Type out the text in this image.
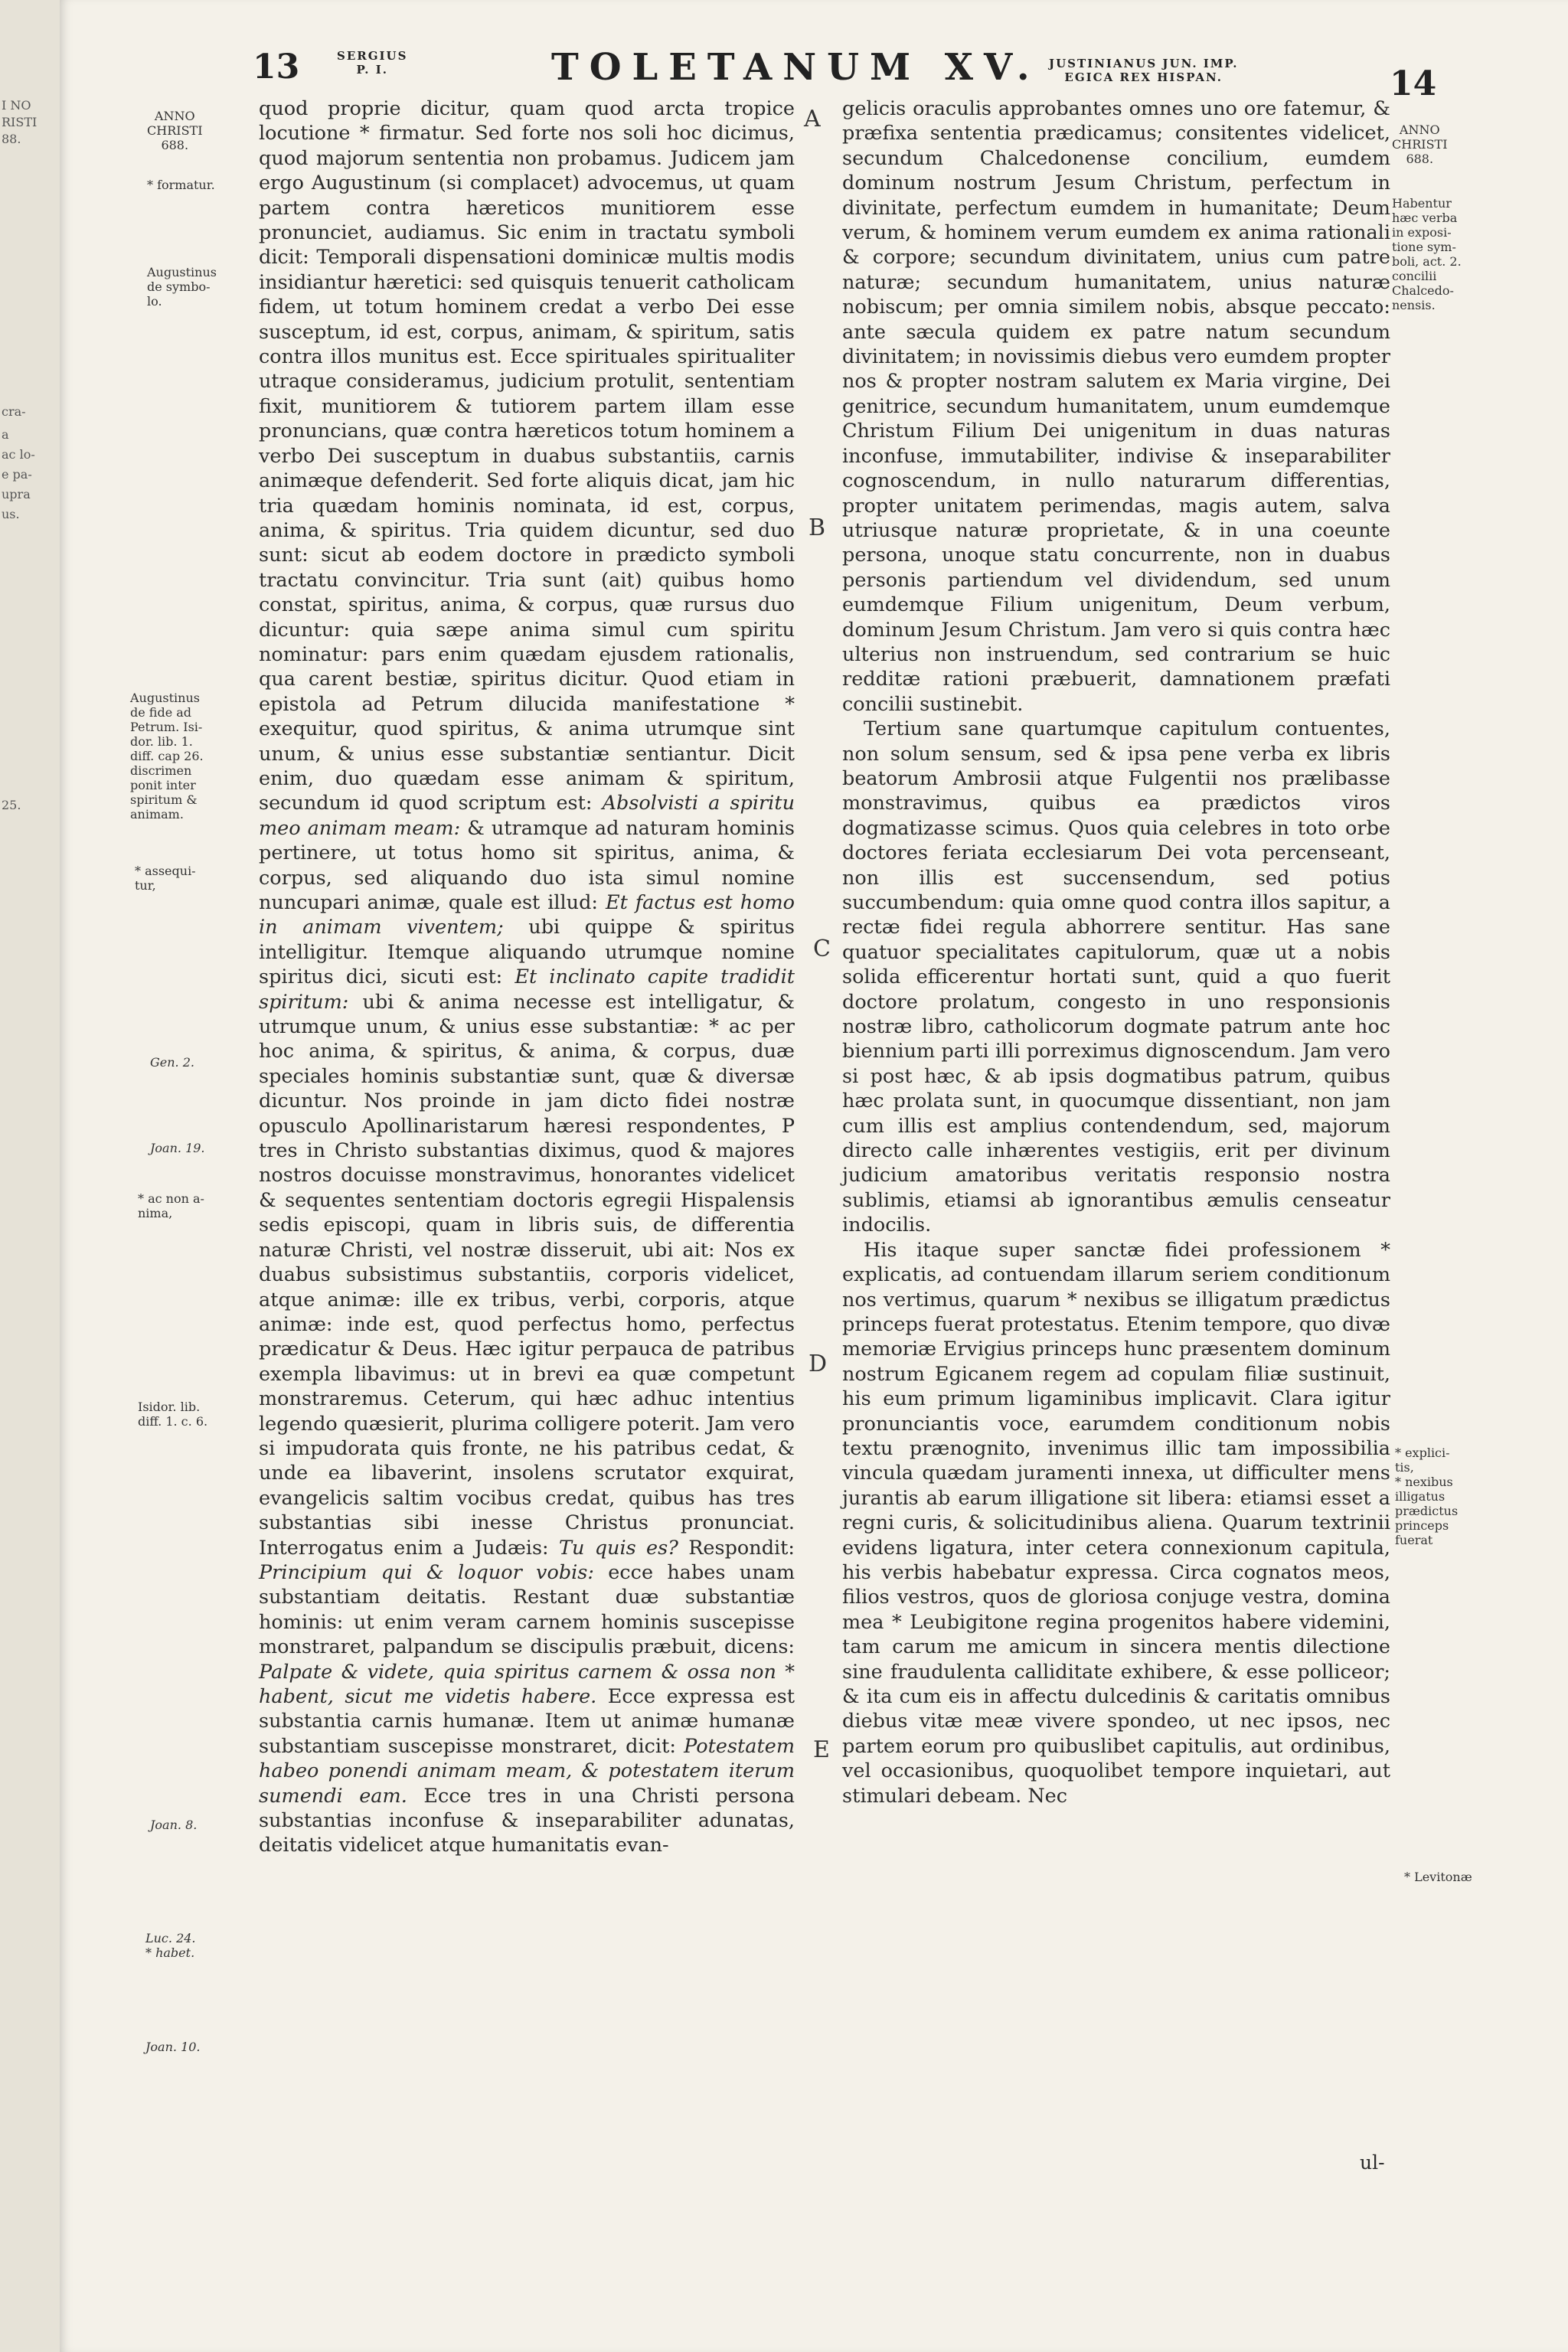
I NO
RISTI
88.
cra-
a
ac lo-
e pa-
upra
us.
25.
13	SERGIUS
P. I.	TOLETANUM XV. JUSTINIANUS JUN. IMP.
EGICA REX HISPAN.	14
ANNO
CHRISTI
688.
* formatur.
Augustinus
de symbo-
lo.
Augustinus
de fide ad
Petrum. Isi-
dor. lib. 1.
diff. cap 26.
discrimen
ponit inter
spiritum &
animam.
* assequi-
tur,
Gen. 2.
Joan. 19.
* ac non a-
nima,
Isidor. lib.
diff. 1. c. 6.
Joan. 8.
Luc. 24.
* habet.
Joan. 10.

quod proprie dicitur, quam quod arcta tropice locutione * firmatur. Sed forte nos soli hoc dicimus, quod majorum sententia non probamus. Judicem jam ergo Augustinum (si complacet) advocemus, ut quam partem contra hæreticos munitiorem esse pronunciet, audiamus. Sic enim in tractatu symboli dicit: Temporali dispensationi dominicæ multis modis insidiantur hæretici: sed quisquis tenuerit catholicam fidem, ut totum hominem credat a verbo Dei esse susceptum, id est, corpus, animam, & spiritum, satis contra illos munitus est. Ecce spirituales spiritualiter utraque consideramus, judicium protulit, sententiam fixit, munitiorem & tutiorem partem illam esse pronuncians, quæ contra hæreticos totum hominem a verbo Dei susceptum in duabus substantiis, carnis animæque defenderit. Sed forte aliquis dicat, jam hic tria quædam hominis nominata, id est, corpus, anima, & spiritus. Tria quidem dicuntur, sed duo sunt: sicut ab eodem doctore in prædicto symboli tractatu convincitur. Tria sunt (ait) quibus homo constat, spiritus, anima, & corpus, quæ rursus duo dicuntur: quia sæpe anima simul cum spiritu nominatur: pars enim quædam ejusdem rationalis, qua carent bestiæ, spiritus dicitur. Quod etiam in epistola ad Petrum dilucida manifestatione * exequitur, quod spiritus, & anima utrumque sint unum, & unius esse substantiæ sentiantur. Dicit enim, duo quædam esse animam & spiritum, secundum id quod scriptum est: Absolvisti a spiritu meo animam meam: & utramque ad naturam hominis pertinere, ut totus homo sit spiritus, anima, & corpus, sed aliquando duo ista simul nomine nuncupari animæ, quale est illud: Et factus est homo in animam viventem; ubi quippe & spiritus intelligitur. Itemque aliquando utrumque nomine spiritus dici, sicuti est: Et inclinato capite tradidit spiritum: ubi & anima necesse est intelligatur, & utrumque unum, & unius esse substantiæ: * ac per hoc anima, & spiritus, & anima, & corpus, duæ speciales hominis substantiæ sunt, quæ & diversæ dicuntur. Nos proinde in jam dicto fidei nostræ opusculo Apollinaristarum hæresi respondentes, P tres in Christo substantias diximus, quod & majores nostros docuisse monstravimus, honorantes videlicet & sequentes sententiam doctoris egregii Hispalensis sedis episcopi, quam in libris suis, de differentia naturæ Christi, vel nostræ disseruit, ubi ait: Nos ex duabus subsistimus substantiis, corporis videlicet, atque animæ: ille ex tribus, verbi, corporis, atque animæ: inde est, quod perfectus homo, perfectus prædicatur & Deus. Hæc igitur perpauca de patribus exempla libavimus: ut in brevi ea quæ competunt monstraremus. Ceterum, qui hæc adhuc intentius legendo quæsierit, plurima colligere poterit. Jam vero si impudorata quis fronte, ne his patribus cedat, & unde ea libaverint, insolens scrutator exquirat, evangelicis saltim vocibus credat, quibus has tres substantias sibi inesse Christus pronunciat. Interrogatus enim a Judæis: Tu quis es? Respondit: Principium qui & loquor vobis: ecce habes unam substantiam deitatis. Restant duæ substantiæ hominis: ut enim veram carnem hominis suscepisse monstraret, palpandum se discipulis præbuit, dicens: Palpate & videte, quia spiritus carnem & ossa non * habent, sicut me videtis habere. Ecce expressa est substantia carnis humanæ. Item ut animæ humanæ substantiam suscepisse monstraret, dicit: Potestatem habeo ponendi animam meam, & potestatem iterum sumendi eam. Ecce tres in una Christi persona substantias inconfuse & inseparabiliter adunatas, deitatis videlicet atque humanitatis evan-

A
B
C
D
E

gelicis oraculis approbantes omnes uno ore fatemur, & præfixa sententia prædicamus; consitentes videlicet, secundum Chalcedonense concilium, eumdem dominum nostrum Jesum Christum, perfectum in divinitate, perfectum eumdem in humanitate; Deum verum, & hominem verum eumdem ex anima rationali & corpore; secundum divinitatem, unius cum patre naturæ; secundum humanitatem, unius naturæ nobiscum; per omnia similem nobis, absque peccato: ante sæcula quidem ex patre natum secundum divinitatem; in novissimis diebus vero eumdem propter nos & propter nostram salutem ex Maria virgine, Dei genitrice, secundum humanitatem, unum eumdemque Christum Filium Dei unigenitum in duas naturas inconfuse, immutabiliter, indivise & inseparabiliter cognoscendum, in nullo naturarum differentias, propter unitatem perimendas, magis autem, salva utriusque naturæ proprietate, & in una coeunte persona, unoque statu concurrente, non in duabus personis partiendum vel dividendum, sed unum eumdemque Filium unigenitum, Deum verbum, dominum Jesum Christum. Jam vero si quis contra hæc ulterius non instruendum, sed contrarium se huic redditæ rationi præbuerit, damnationem præfati concilii sustinebit.

Tertium sane quartumque capitulum contuentes, non solum sensum, sed & ipsa pene verba ex libris beatorum Ambrosii atque Fulgentii nos prælibasse monstravimus, quibus ea prædictos viros dogmatizasse scimus. Quos quia celebres in toto orbe doctores feriata ecclesiarum Dei vota percenseant, non illis est succensendum, sed potius succumbendum: quia omne quod contra illos sapitur, a rectæ fidei regula abhorrere sentitur. Has sane quatuor specialitates capitulorum, quæ ut a nobis solida efficerentur hortati sunt, quid a quo fuerit doctore prolatum, congesto in uno responsionis nostræ libro, catholicorum dogmate patrum ante hoc biennium parti illi porreximus dignoscendum. Jam vero si post hæc, & ab ipsis dogmatibus patrum, quibus hæc prolata sunt, in quocumque dissentiant, non jam cum illis est amplius contendendum, sed, majorum directo calle inhærentes vestigiis, erit per divinum judicium amatoribus veritatis responsio nostra sublimis, etiamsi ab ignorantibus æmulis censeatur indocilis.

His itaque super sanctæ fidei professionem * explicatis, ad contuendam illarum seriem conditionum nos vertimus, quarum * nexibus se illigatum prædictus princeps fuerat protestatus. Etenim tempore, quo divæ memoriæ Ervigius princeps hunc præsentem dominum nostrum Egicanem regem ad copulam filiæ sustinuit, his eum primum ligaminibus implicavit. Clara igitur pronunciantis voce, earumdem conditionum nobis textu prænognito, invenimus illic tam impossibilia vincula quædam juramenti innexa, ut difficulter mens jurantis ab earum illigatione sit libera: etiamsi esset a regni curis, & solicitudinibus aliena. Quarum textrinii evidens ligatura, inter cetera connexionum capitula, his verbis habebatur expressa. Circa cognatos meos, filios vestros, quos de gloriosa conjuge vestra, domina mea * Leubigitone regina progenitos habere videmini, tam carum me amicum in sincera mentis dilectione sine fraudulenta calliditate exhibere, & esse polliceor; & ita cum eis in affectu dulcedinis & caritatis omnibus diebus vitæ meæ vivere spondeo, ut nec ipsos, nec partem eorum pro quibuslibet capitulis, aut ordinibus, vel occasionibus, quoquolibet tempore inquietari, aut stimulari debeam. Nec

ul-
ANNO
CHRISTI
688.
Habentur
hæc verba
in exposi-
tione sym-
boli, act. 2.
concilii
Chalcedo-
nensis.
* explici-
tis,
* nexibus
illigatus
prædictus
princeps
fuerat
* Levitonæ
